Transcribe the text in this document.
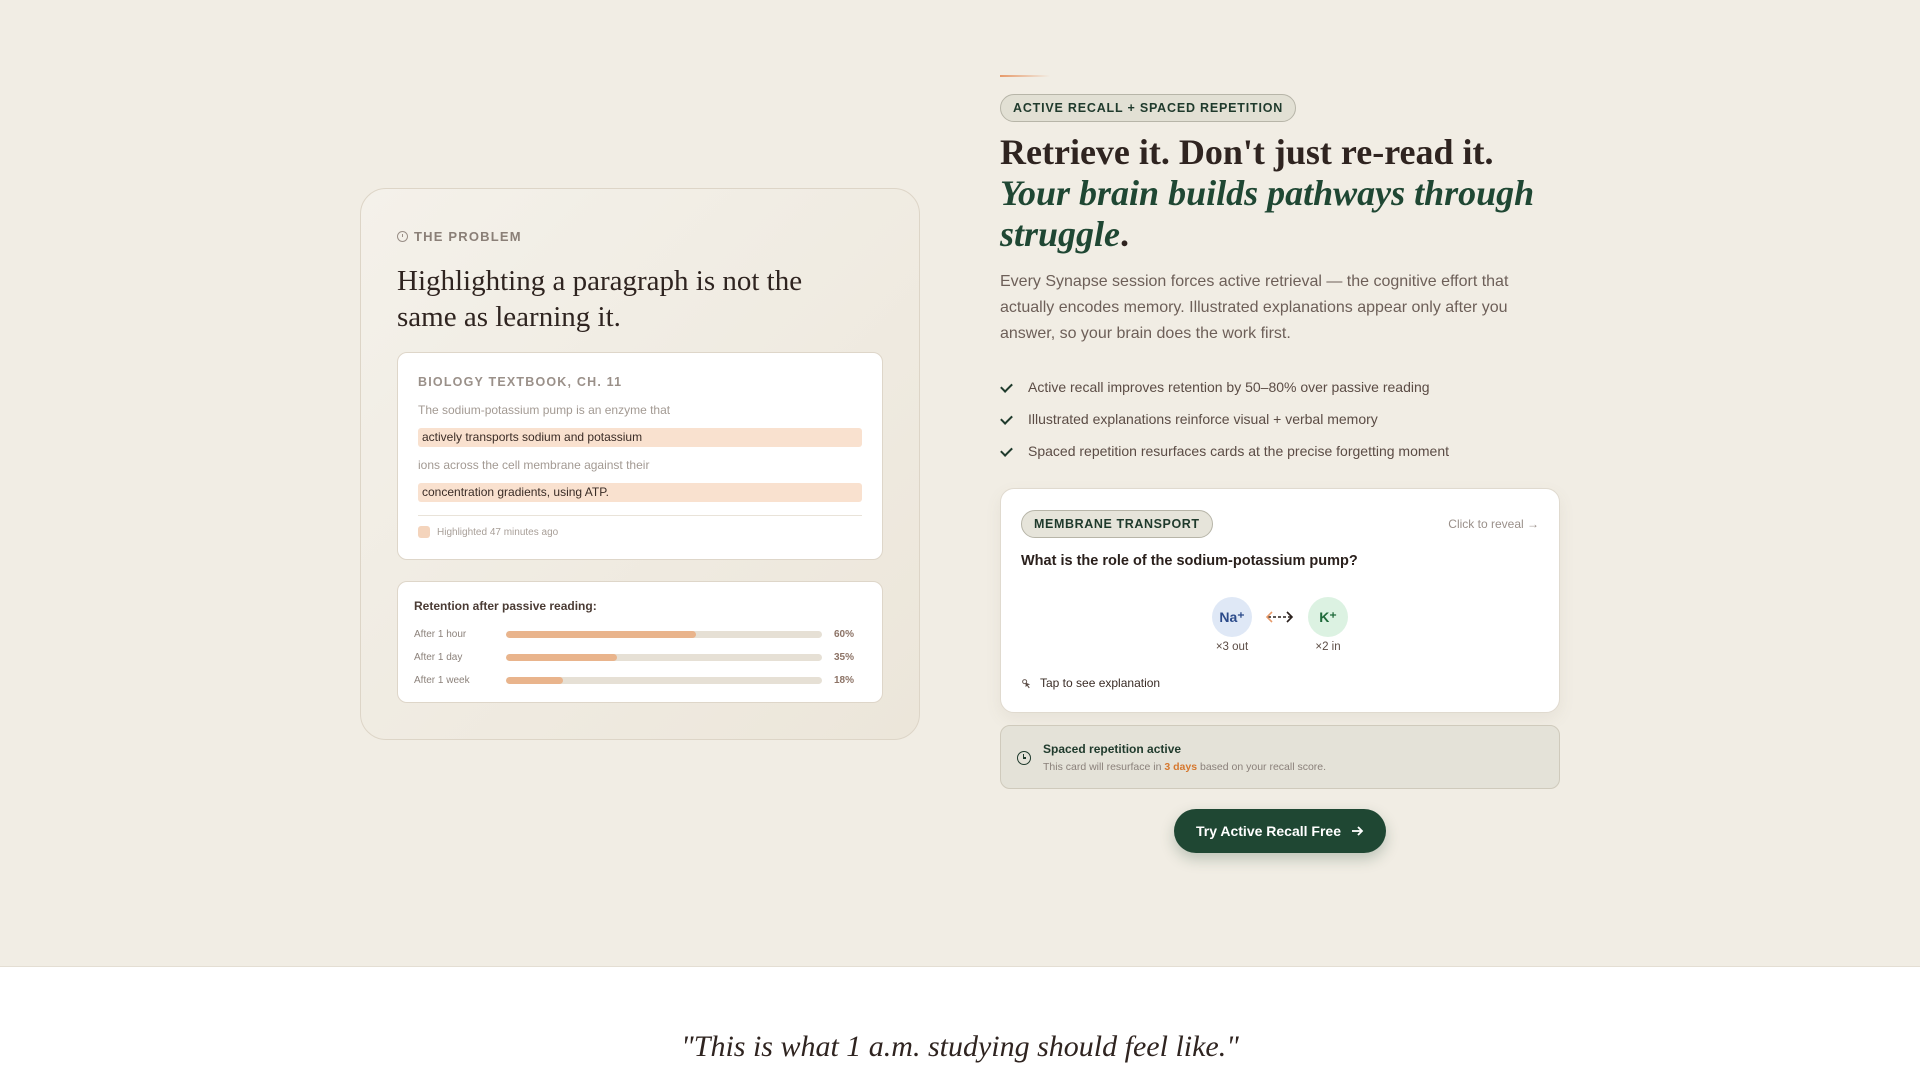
THE PROBLEM
Highlighting a paragraph is not the same as learning it.
BIOLOGY TEXTBOOK, CH. 11
The sodium-potassium pump is an enzyme that
actively transports sodium and potassium
ions across the cell membrane against their
concentration gradients, using ATP.
Highlighted 47 minutes ago
Retention after passive reading:
After 1 hour	60%
After 1 day	35%
After 1 week	18%
ACTIVE RECALL + SPACED REPETITION
Retrieve it. Don't just re-read it. Your brain builds pathways through struggle.

Every Synapse session forces active retrieval — the cognitive effort that actually encodes memory. Illustrated explanations appear only after you answer, so your brain does the work first.

Active recall improves retention by 50–80% over passive reading
Illustrated explanations reinforce visual + verbal memory
Spaced repetition resurfaces cards at the precise forgetting moment
MEMBRANE TRANSPORT	Click to reveal →
What is the role of the sodium-potassium pump?
Na⁺
×3 out
K⁺
×2 in
Tap to see explanation
Spaced repetition active
This card will resurface in 3 days based on your recall score.
Try Active Recall Free
"This is what 1 a.m. studying should feel like."
